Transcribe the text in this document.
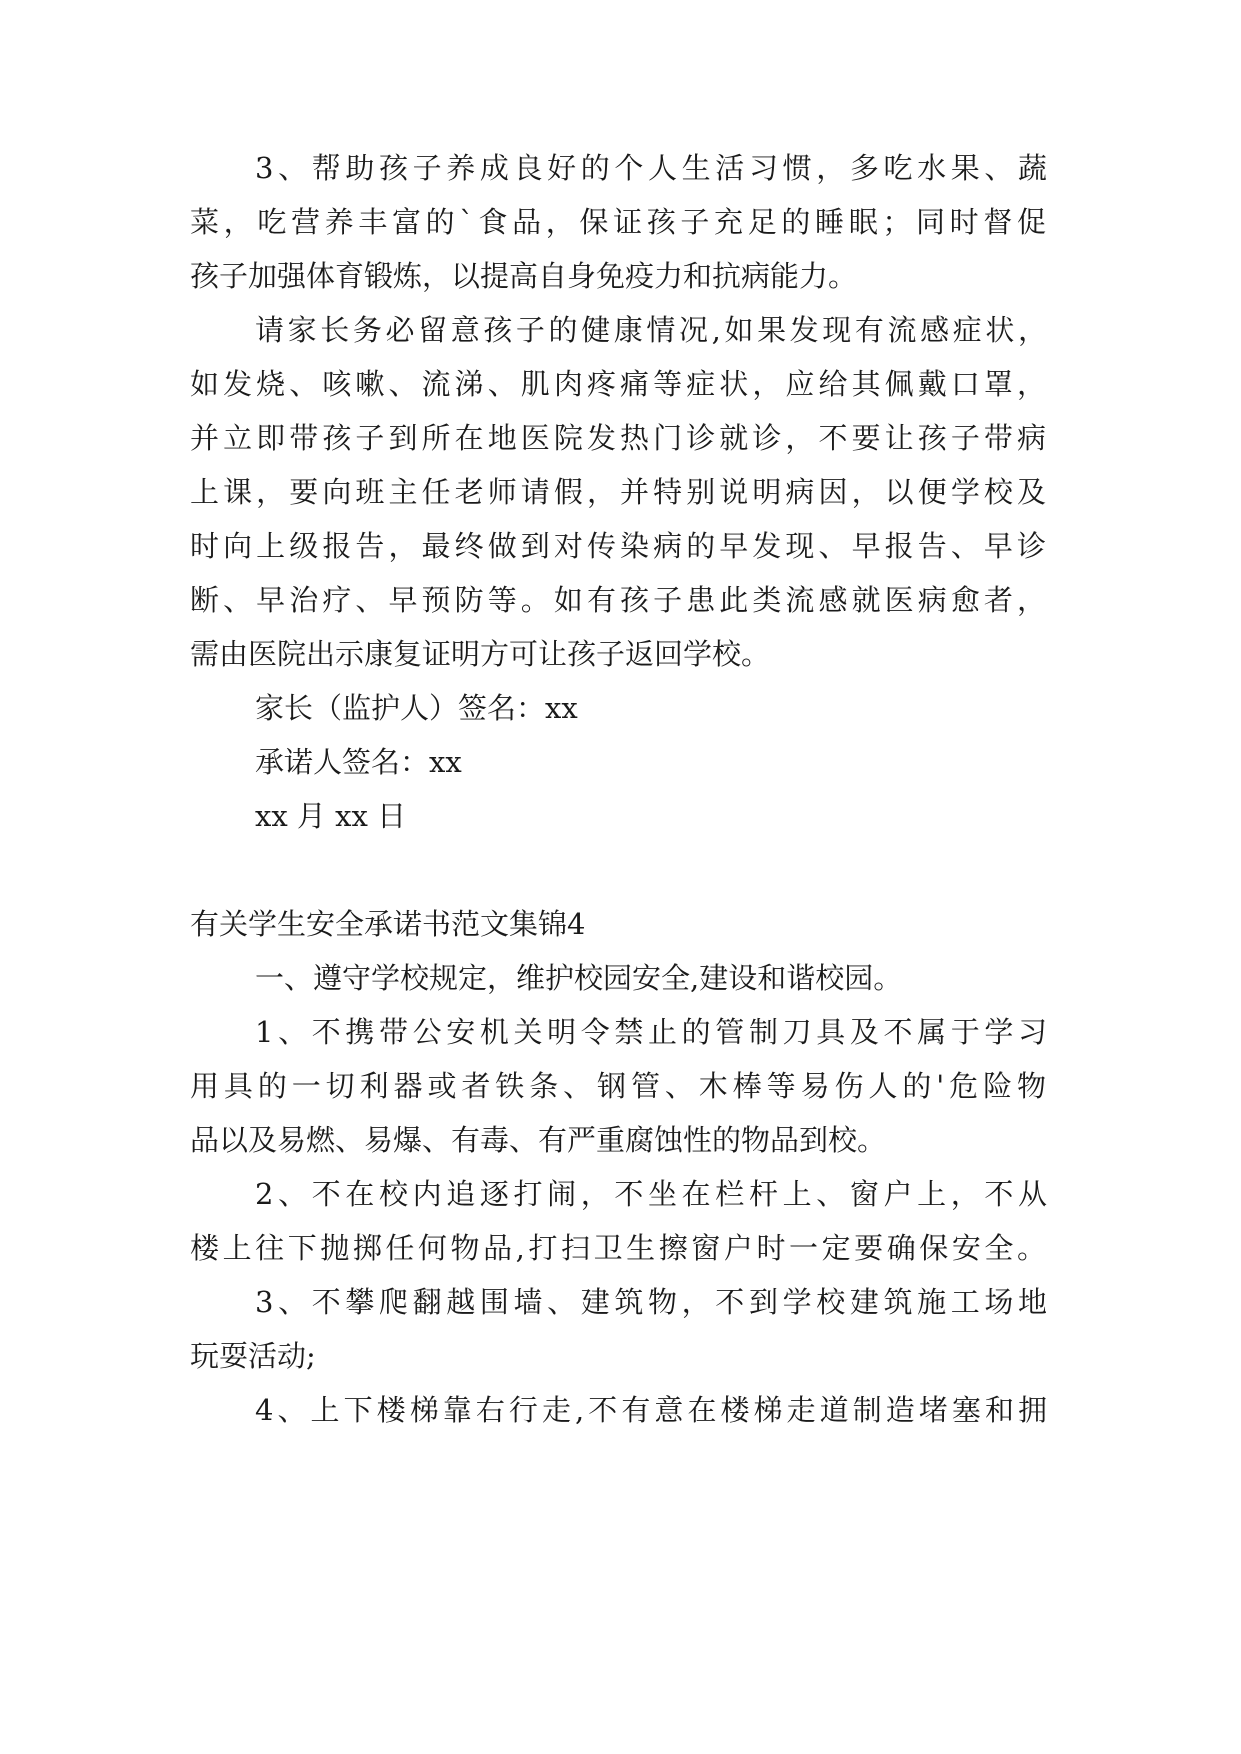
3、帮助孩子养成良好的个人生活习惯，多吃水果、蔬
菜，吃营养丰富的`食品，保证孩子充足的睡眠；同时督促
孩子加强体育锻炼，以提高自身免疫力和抗病能力。
请家长务必留意孩子的健康情况,如果发现有流感症状，
如发烧、咳嗽、流涕、肌肉疼痛等症状，应给其佩戴口罩，
并立即带孩子到所在地医院发热门诊就诊，不要让孩子带病
上课，要向班主任老师请假，并特别说明病因，以便学校及
时向上级报告，最终做到对传染病的早发现、早报告、早诊
断、早治疗、早预防等。如有孩子患此类流感就医病愈者，
需由医院出示康复证明方可让孩子返回学校。
家长（监护人）签名：xx
承诺人签名：xx
xx 月 xx 日
有关学生安全承诺书范文集锦4
一、遵守学校规定，维护校园安全,建设和谐校园。
1、不携带公安机关明令禁止的管制刀具及不属于学习
用具的一切利器或者铁条、钢管、木棒等易伤人的'危险物
品以及易燃、易爆、有毒、有严重腐蚀性的物品到校。
2、不在校内追逐打闹，不坐在栏杆上、窗户上，不从
楼上往下抛掷任何物品,打扫卫生擦窗户时一定要确保安全。
3、不攀爬翻越围墙、建筑物，不到学校建筑施工场地
玩耍活动;
4、上下楼梯靠右行走,不有意在楼梯走道制造堵塞和拥
